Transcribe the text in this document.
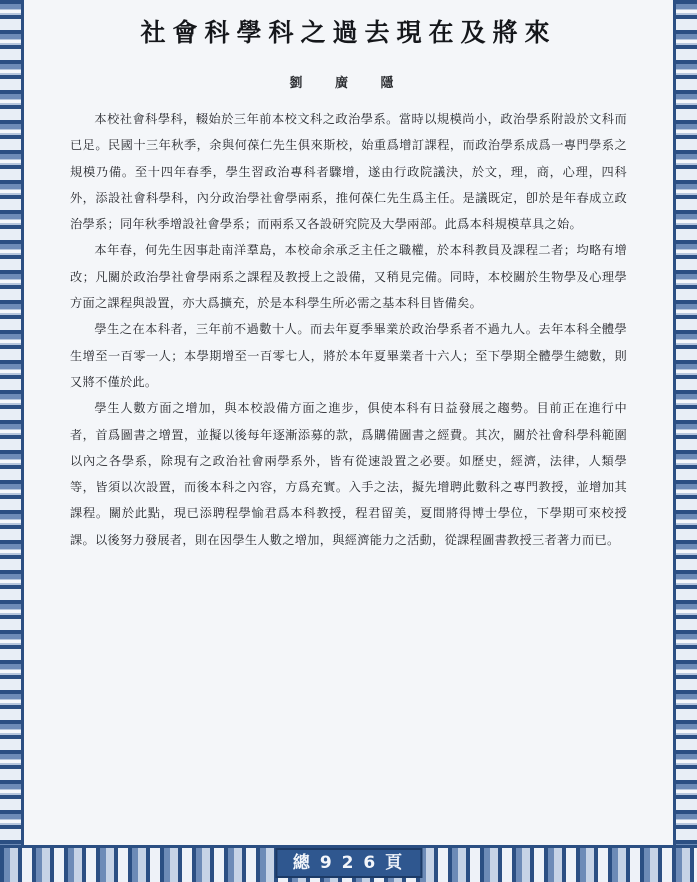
社會科學科之過去現在及將來
劉 廣 隱

本校社會科學科，輟始於三年前本校文科之政治學系。當時以規模尚小，政治學系附設於文科而已足。民國十三年秋季，余與何葆仁先生俱來斯校，始重爲增訂課程，而政治學系成爲一專門學系之規模乃備。至十四年春季，學生習政治專科者驟增，遂由行政院議決，於文，理，商，心理，四科外，添設社會科學科，內分政治學社會學兩系，推何葆仁先生爲主任。是議既定，卽於是年春成立政治學系；同年秋季增設社會學系；而兩系又各設研究院及大學兩部。此爲本科規模草具之始。

本年春，何先生因事赴南洋羣島，本校命余承乏主任之職權，於本科教員及課程二者；均略有增改；凡關於政治學社會學兩系之課程及教授上之設備，又稍見完備。同時，本校關於生物學及心理學方面之課程與設置，亦大爲擴充，於是本科學生所必需之基本科目皆備矣。

學生之在本科者，三年前不過數十人。而去年夏季畢業於政治學系者不過九人。去年本科全體學生增至一百零一人；本學期增至一百零七人，將於本年夏畢業者十六人；至下學期全體學生總數，則又將不僅於此。

學生人數方面之增加，與本校設備方面之進步，俱使本科有日益發展之趨勢。目前正在進行中者，首爲圖書之增置，並擬以後每年逐漸添募的款，爲購備圖書之經費。其次，關於社會科學科範圍以內之各學系，除現有之政治社會兩學系外，皆有從速設置之必要。如歷史，經濟，法律，人類學等，皆須以次設置，而後本科之內容，方爲充實。入手之法，擬先增聘此數科之專門教授，並增加其課程。關於此點，現已添聘程學愉君爲本科教授，程君留美，夏間將得博士學位，下學期可來校授課。以後努力發展者，則在因學生人數之增加，與經濟能力之活動，從課程圖書教授三者著力而已。

總 9 2 6 頁
